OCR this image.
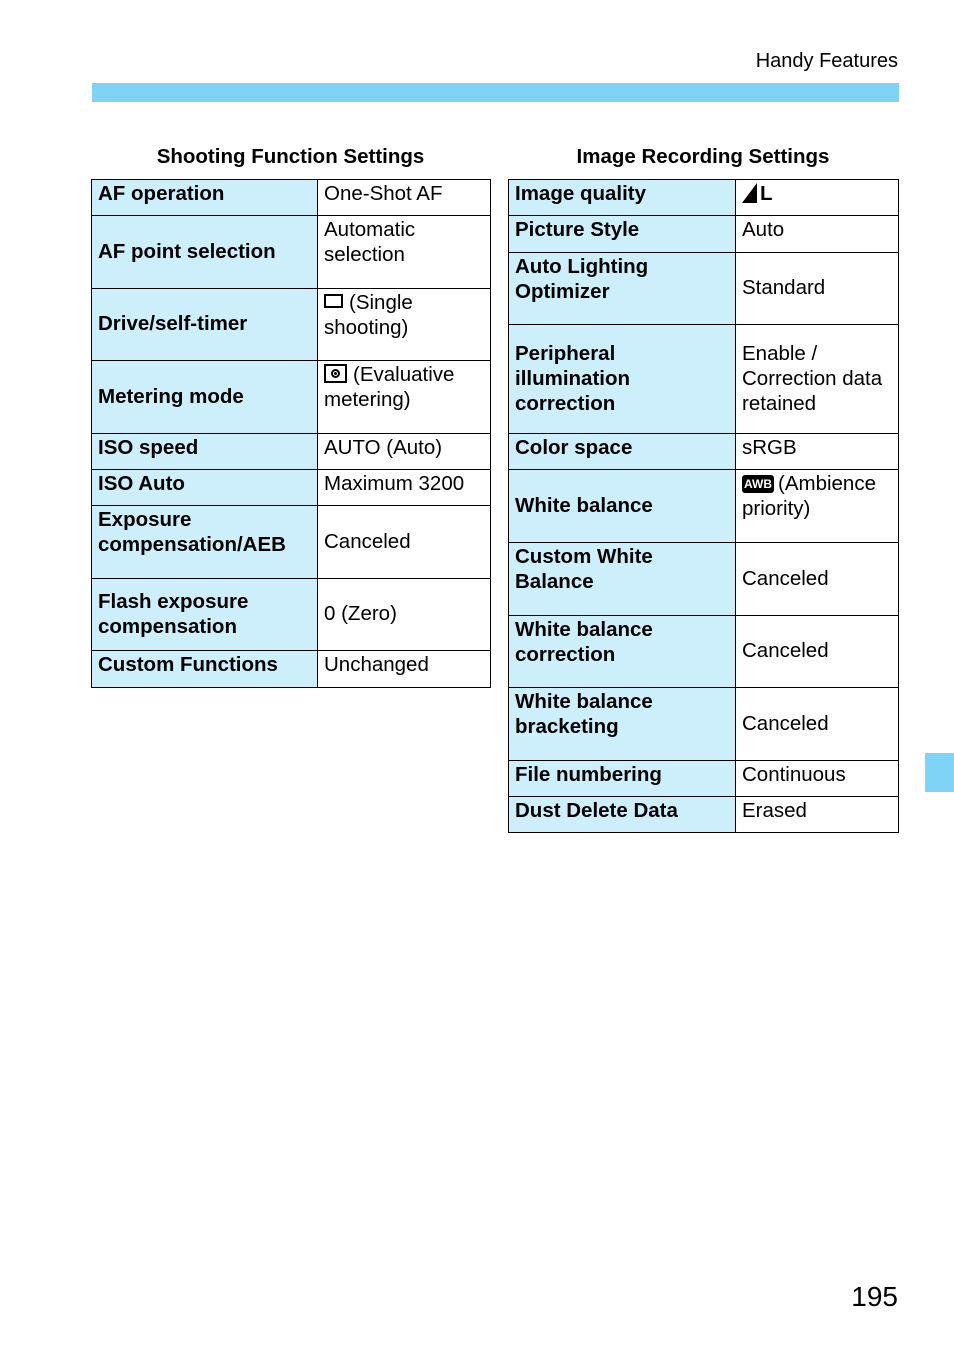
Handy Features
Shooting Function Settings
AF operation	One-Shot AF
AF point selection	Automatic selection
Drive/self-timer	(Single shooting)
Metering mode	(Evaluative metering)
ISO speed	AUTO (Auto)
ISO Auto	Maximum 3200
Exposure compensation/AEB	Canceled
Flash exposure compensation	0 (Zero)
Custom Functions	Unchanged
Image Recording Settings
Image quality	L
Picture Style	Auto
Auto Lighting Optimizer	Standard
Peripheral illumination correction	Enable / Correction data retained
Color space	sRGB
White balance	AWB (Ambience priority)
Custom White Balance	Canceled
White balance correction	Canceled
White balance bracketing	Canceled
File numbering	Continuous
Dust Delete Data	Erased
195
